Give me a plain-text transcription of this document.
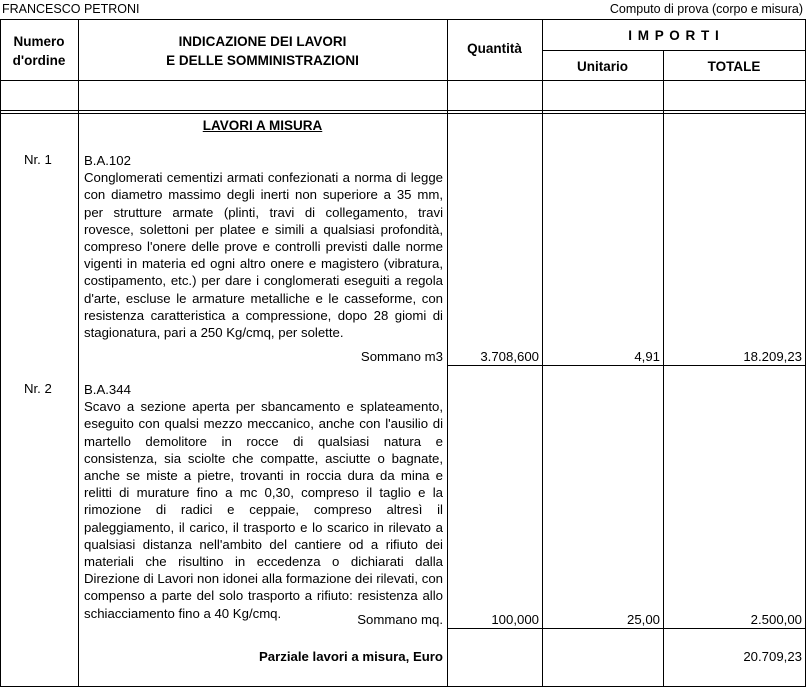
FRANCESCO PETRONI	Computo di prova (corpo e misura)
Numero
d'ordine
INDICAZIONE DEI LAVORI
E DELLE SOMMINISTRAZIONI
Quantità
I M P O R T I
Unitario	TOTALE
LAVORI A MISURA
Nr. 1 B.A.102

Conglomerati cementizi armati confezionati a norma di legge con diametro massimo degli inerti non superiore a 35 mm, per strutture armate (plinti, travi di collegamento, travi rovesce, solettoni per platee e simili a qualsiasi profondità, compreso l'onere delle prove e controlli previsti dalle norme vigenti in materia ed ogni altro onere e magistero (vibratura, costipamento, etc.) per dare i conglomerati eseguiti a regola d'arte, escluse le armature metalliche e le casseforme, con resistenza caratteristica a compressione, dopo 28 giomi di stagionatura, pari a 250 Kg/cmq, per solette.

Sommano m3	3.708,600	4,91	18.209,23
Nr. 2 B.A.344

Scavo a sezione aperta per sbancamento e splateamento, eseguito con qualsi mezzo meccanico, anche con l'ausilio di martello demolitore in rocce di qualsiasi natura e consistenza, sia sciolte che compatte, asciutte o bagnate, anche se miste a pietre, trovanti in roccia dura da mina e relitti di murature fino a mc 0,30, compreso il taglio e la rimozione di radici e ceppaie, compreso altresì il paleggiamento, il carico, il trasporto e lo scarico in rilevato a qualsiasi distanza nell'ambito del cantiere od a rifiuto dei materiali che risultino in eccedenza o dichiarati dalla Direzione di Lavori non idonei alla formazione dei rilevati, con compenso a parte del solo trasporto a rifiuto: resistenza allo schiacciamento fino a 40 Kg/cmq.	Sommano mq.	100,000	25,00	2.500,00
Parziale lavori a misura, Euro	20.709,23
